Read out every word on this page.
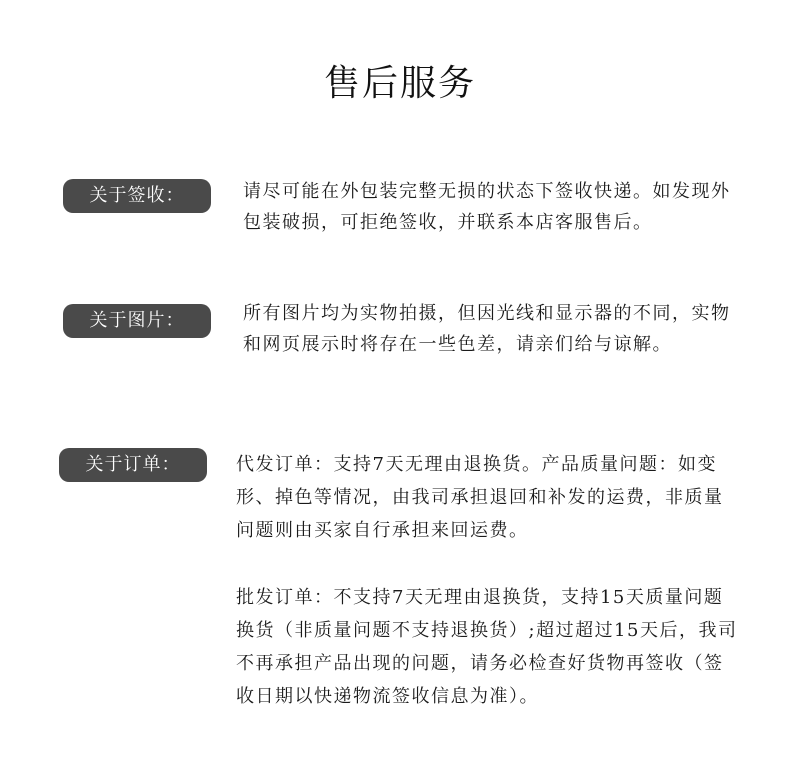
售后服务
关于签收：	请尽可能在外包装完整无损的状态下签收快递。如发现外包装破损，可拒绝签收，并联系本店客服售后。

关于图片：	所有图片均为实物拍摄，但因光线和显示器的不同，实物和网页展示时将存在一些色差，请亲们给与谅解。

关于订单：	代发订单：支持7天无理由退换货。产品质量问题：如变形、掉色等情况，由我司承担退回和补发的运费，非质量问题则由买家自行承担来回运费。

批发订单：不支持7天无理由退换货，支持15天质量问题换货（非质量问题不支持退换货）;超过超过15天后，我司不再承担产品出现的问题，请务必检查好货物再签收（签收日期以快递物流签收信息为准）。
